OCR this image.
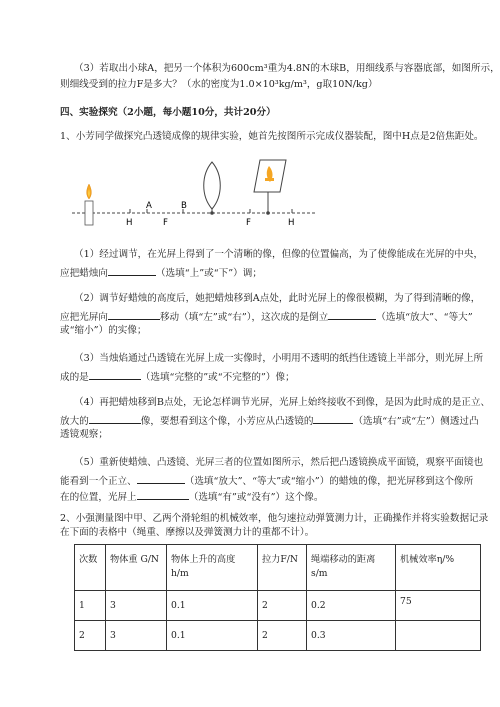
（3）若取出小球A，把另一个体积为600cm³重为4.8N的木球B，用细线系与容器底部，如图所示，
则细线受到的拉力F是多大？（水的密度为1.0×10³kg/m³，g取10N/kg）
四、实验探究（2小题，每小题10分，共计20分）
1、小芳同学做探究凸透镜成像的规律实验，她首先按图所示完成仪器装配，图中H点是2倍焦距处。
A	B
H	F	F	H
（1）经过调节，在光屏上得到了一个清晰的像，但像的位置偏高，为了使像能成在光屏的中央，
应把蜡烛向	（选填“上”或“下”）调；
（2）调节好蜡烛的高度后，她把蜡烛移到A点处，此时光屏上的像很模糊，为了得到清晰的像，
应把光屏向	移动（填“左”或“右”），这次成的是倒立	（选填“放大”、“等大”
或“缩小”）的实像；
（3）当烛焰通过凸透镜在光屏上成一实像时，小明用不透明的纸挡住透镜上半部分，则光屏上所
成的是	（选填“完整的”或“不完整的”）像；
（4）再把蜡烛移到B点处，无论怎样调节光屏，光屏上始终接收不到像，是因为此时成的是正立、
放大的	像，要想看到这个像，小芳应从凸透镜的	（选填“右”或“左”）侧透过凸
透镜观察；
（5）重新使蜡烛、凸透镜、光屏三者的位置如图所示，然后把凸透镜换成平面镜，观察平面镜也
能看到一个正立、	（选填“放大”、“等大”或“缩小”）的蜡烛的像，把光屏移到这个像所
在的位置，光屏上	（选填“有”或“没有”）这个像。
2、小强测量图中甲、乙两个滑轮组的机械效率，他匀速拉动弹簧测力计，正确操作并将实验数据记录
在下面的表格中（绳重、摩擦以及弹簧测力计的重都不计）。
次数	物体重 G/N	物体上升的高度h/m	拉力F/N	绳端移动的距离s/m	机械效率η/%
1	3	0.1	2	0.2	75
2	3	0.1	2	0.3	
